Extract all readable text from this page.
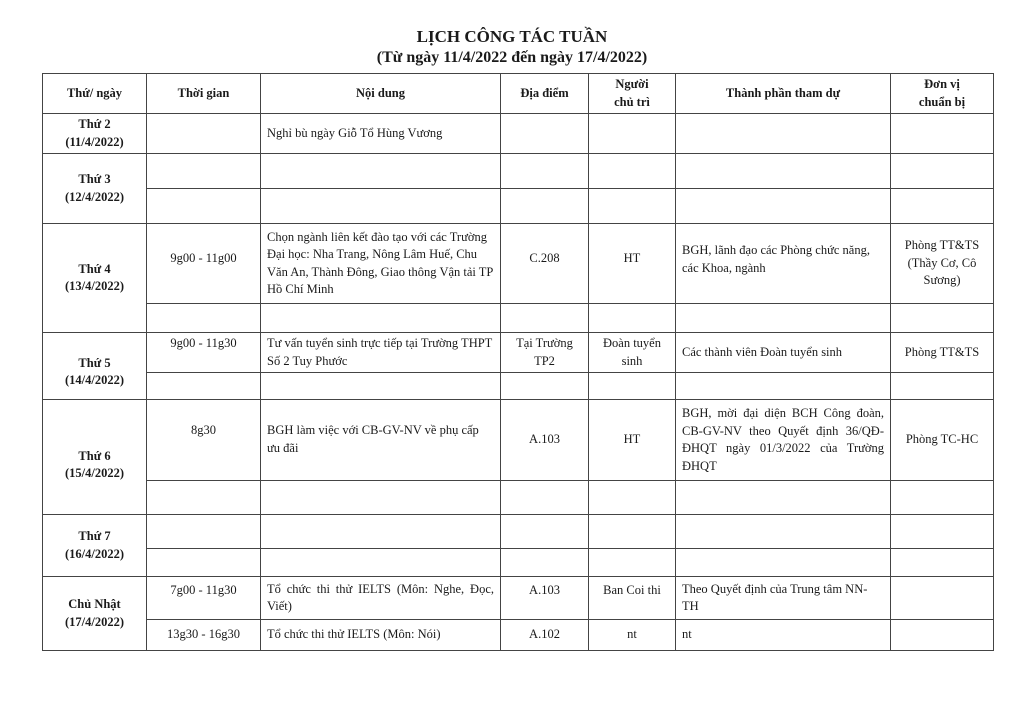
LỊCH CÔNG TÁC TUẦN
(Từ ngày 11/4/2022 đến ngày 17/4/2022)
Thứ/ ngày	Thời gian	Nội dung	Địa điểm	Người
chủ trì	Thành phần tham dự	Đơn vị
chuẩn bị
Thứ 2
(11/4/2022)		Nghỉ bù ngày Giỗ Tổ Hùng Vương				
Thứ 3
(12/4/2022)						

Thứ 4
(13/4/2022)	9g00 - 11g00	Chọn ngành liên kết đào tạo với các Trường Đại học: Nha Trang, Nông Lâm Huế, Chu Văn An, Thành Đông, Giao thông Vận tải TP Hồ Chí Minh	C.208	HT	BGH, lãnh đạo các Phòng chức năng, các Khoa, ngành	Phòng TT&TS (Thầy Cơ, Cô Sương)

Thứ 5
(14/4/2022)	9g00 - 11g30	Tư vấn tuyển sinh trực tiếp tại Trường THPT Số 2 Tuy Phước	Tại Trường TP2	Đoàn tuyển sinh	Các thành viên Đoàn tuyển sinh	Phòng TT&TS

Thứ 6
(15/4/2022)	8g30	BGH làm việc với CB-GV-NV về phụ cấp ưu đãi	A.103	HT	BGH, mời đại diện BCH Công đoàn, CB-GV-NV theo Quyết định 36/QĐ-ĐHQT ngày 01/3/2022 của Trường ĐHQT	Phòng TC-HC

Thứ 7
(16/4/2022)						

Chủ Nhật
(17/4/2022)	7g00 - 11g30	Tổ chức thi thử IELTS (Môn: Nghe, Đọc, Viết)	A.103	Ban Coi thi	Theo Quyết định của Trung tâm NN-TH	
	13g30 - 16g30	Tổ chức thi thử IELTS (Môn: Nói)	A.102	nt	nt	
